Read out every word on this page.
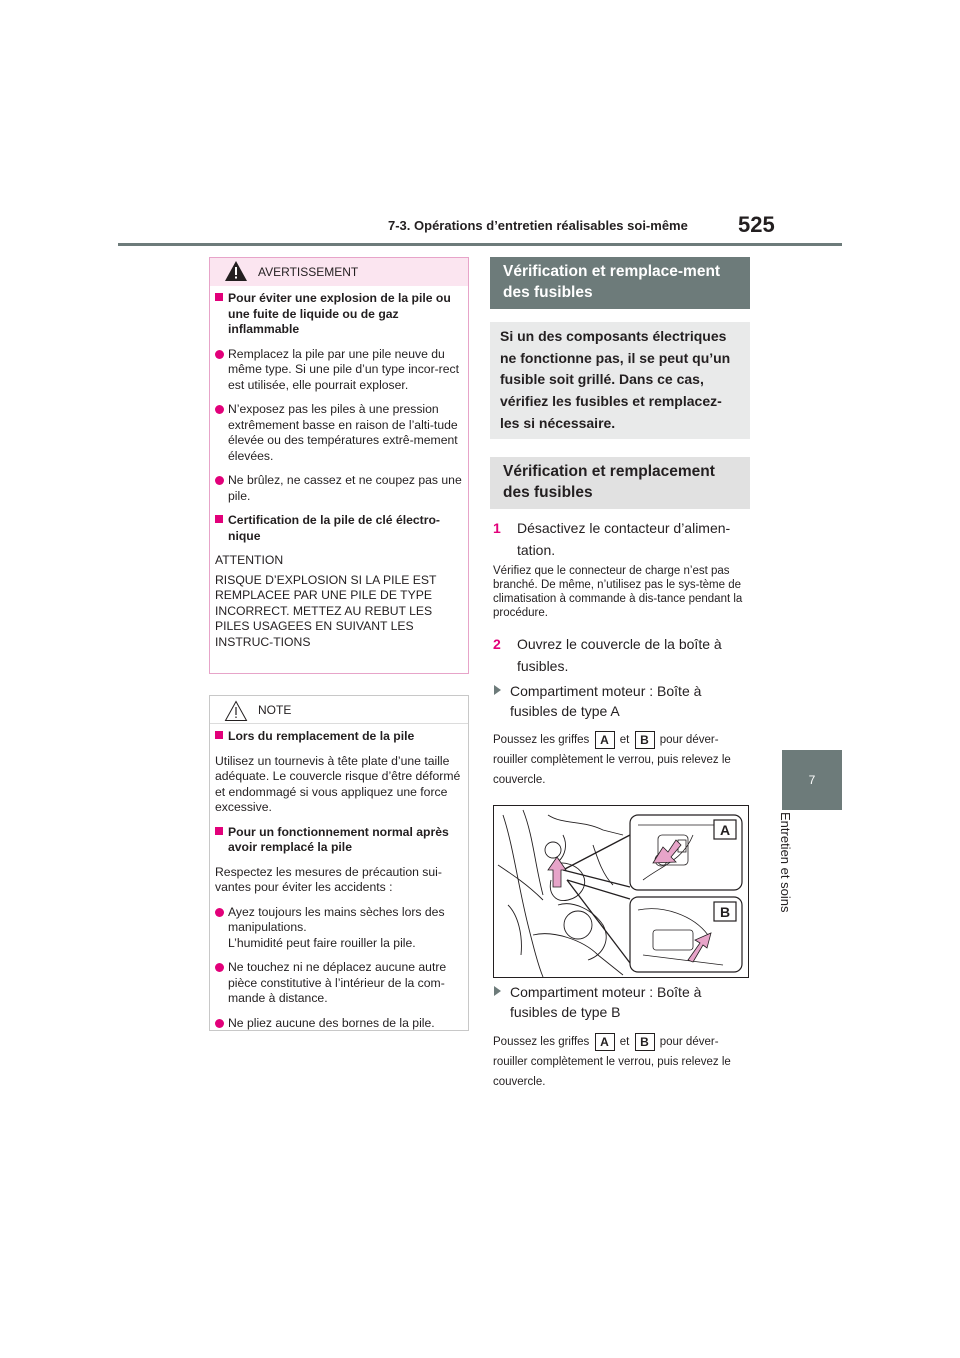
7-3. Opérations d’entretien réalisables soi-même 525
7
Entretien et soins
AVERTISSEMENT
Pour éviter une explosion de la pile ou une fuite de liquide ou de gaz inflammable
Remplacez la pile par une pile neuve du même type. Si une pile d’un type incor-rect est utilisée, elle pourrait exploser.
N’exposez pas les piles à une pression extrêmement basse en raison de l’alti-tude élevée ou des températures extrê-mement élevées.
Ne brûlez, ne cassez et ne coupez pas une pile.
Certification de la pile de clé électro-nique
ATTENTION
RISQUE D’EXPLOSION SI LA PILE EST REMPLACEE PAR UNE PILE DE TYPE INCORRECT. METTEZ AU REBUT LES PILES USAGEES EN SUIVANT LES INSTRUC-TIONS
NOTE
Lors du remplacement de la pile
Utilisez un tournevis à tête plate d’une taille adéquate. Le couvercle risque d’être déformé et endommagé si vous appliquez une force excessive.
Pour un fonctionnement normal après avoir remplacé la pile
Respectez les mesures de précaution sui-vantes pour éviter les accidents :
Ayez toujours les mains sèches lors des manipulations.
L’humidité peut faire rouiller la pile.
Ne touchez ni ne déplacez aucune autre pièce constitutive à l’intérieur de la com-mande à distance.
Ne pliez aucune des bornes de la pile.
Vérification et remplace-ment des fusibles
Si un des composants électriques ne fonctionne pas, il se peut qu’un fusible soit grillé. Dans ce cas, vérifiez les fusibles et remplacez-les si nécessaire.
Vérification et remplacement des fusibles
1 Désactivez le contacteur d’alimen-tation.
Vérifiez que le connecteur de charge n’est pas branché. De même, n’utilisez pas le sys-tème de climatisation à commande à dis-tance pendant la procédure.
2 Ouvrez le couvercle de la boîte à fusibles.
Compartiment moteur : Boîte à fusibles de type A
Poussez les griffes A et B pour déver-rouiller complètement le verrou, puis relevez le couvercle.
A
B
Compartiment moteur : Boîte à fusibles de type B
Poussez les griffes A et B pour déver-rouiller complètement le verrou, puis relevez le couvercle.
